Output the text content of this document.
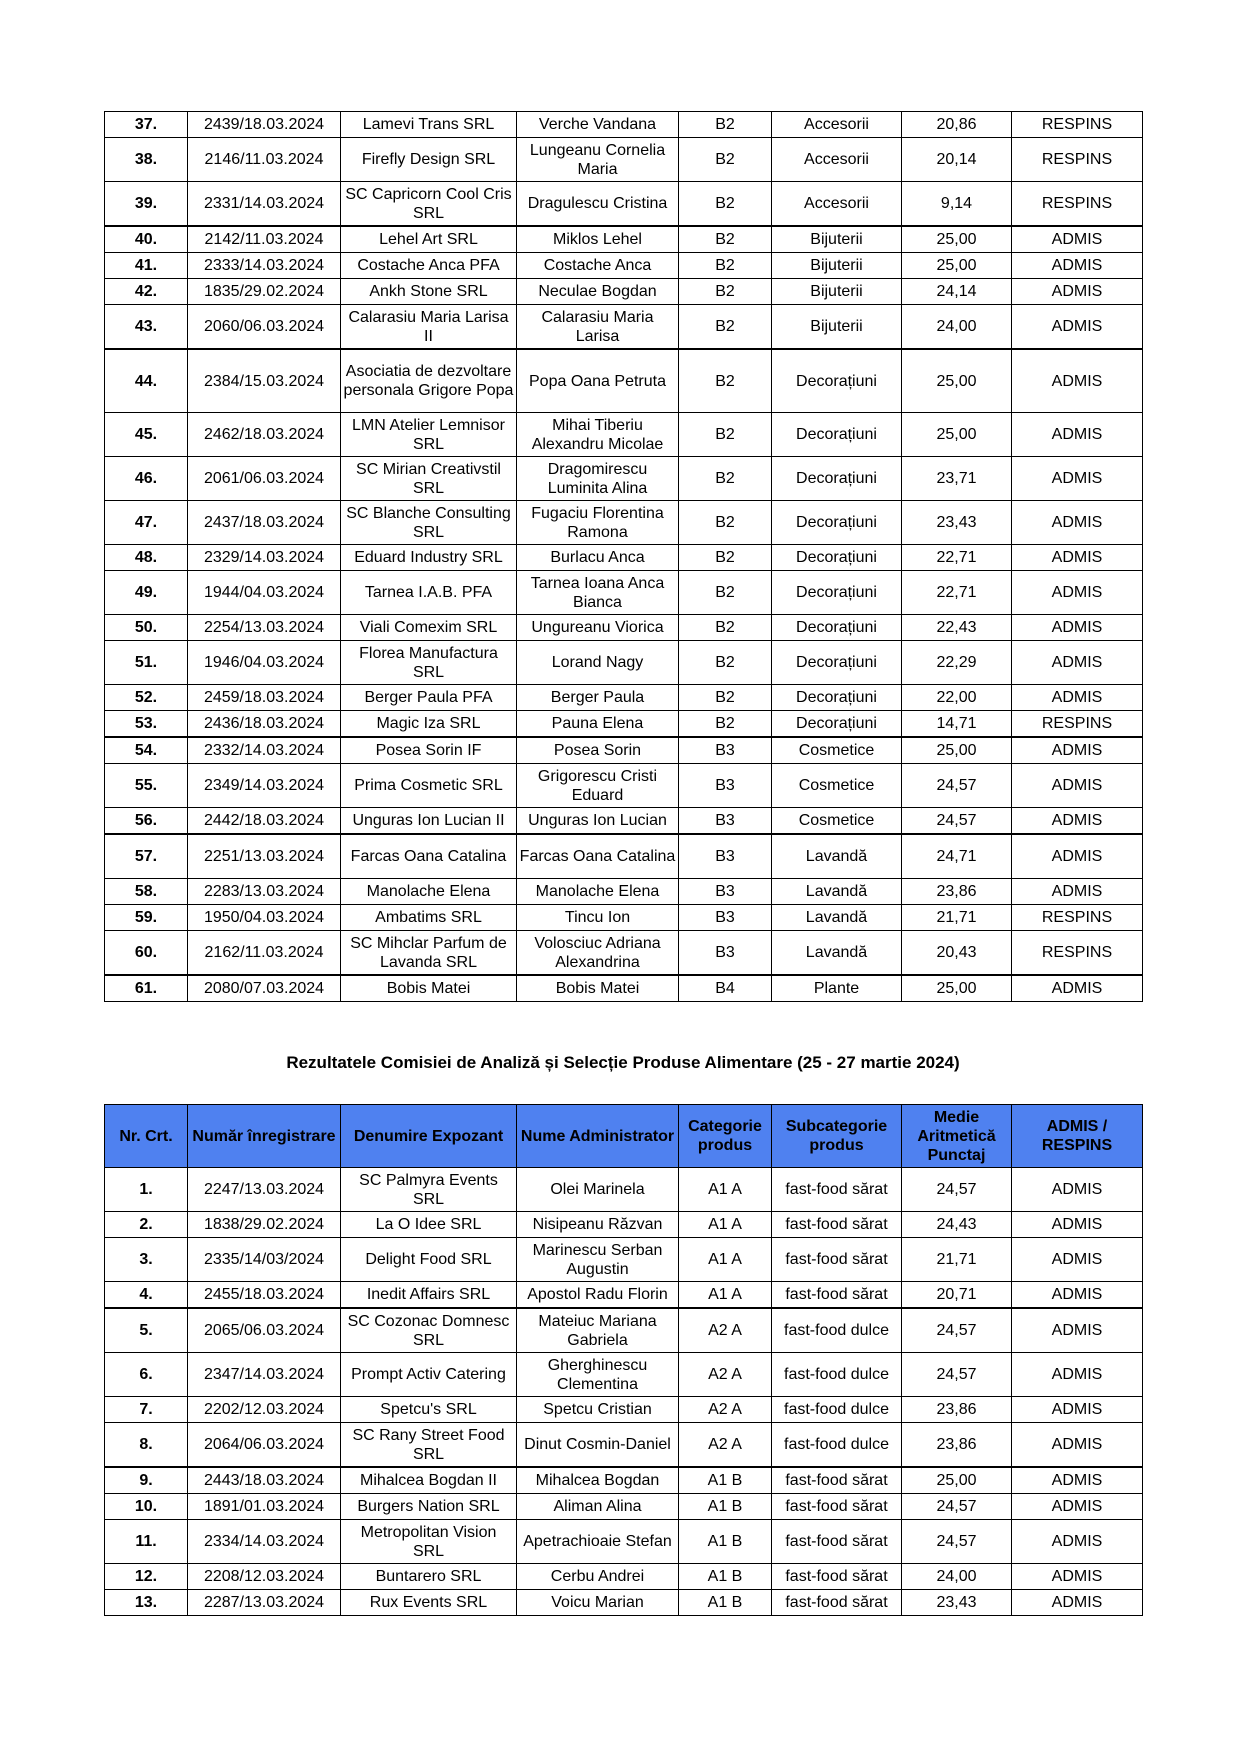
37.	2439/18.03.2024	Lamevi Trans SRL	Verche Vandana	B2	Accesorii	20,86	RESPINS
38.	2146/11.03.2024	Firefly Design SRL	Lungeanu Cornelia Maria	B2	Accesorii	20,14	RESPINS
39.	2331/14.03.2024	SC Capricorn Cool Cris SRL	Dragulescu Cristina	B2	Accesorii	9,14	RESPINS
40.	2142/11.03.2024	Lehel Art SRL	Miklos Lehel	B2	Bijuterii	25,00	ADMIS
41.	2333/14.03.2024	Costache Anca PFA	Costache Anca	B2	Bijuterii	25,00	ADMIS
42.	1835/29.02.2024	Ankh Stone SRL	Neculae Bogdan	B2	Bijuterii	24,14	ADMIS
43.	2060/06.03.2024	Calarasiu Maria Larisa II	Calarasiu Maria Larisa	B2	Bijuterii	24,00	ADMIS
44.	2384/15.03.2024	Asociatia de dezvoltare personala Grigore Popa	Popa Oana Petruta	B2	Decorațiuni	25,00	ADMIS
45.	2462/18.03.2024	LMN Atelier Lemnisor SRL	Mihai Tiberiu Alexandru Micolae	B2	Decorațiuni	25,00	ADMIS
46.	2061/06.03.2024	SC Mirian Creativstil SRL	Dragomirescu Luminita Alina	B2	Decorațiuni	23,71	ADMIS
47.	2437/18.03.2024	SC Blanche Consulting SRL	Fugaciu Florentina Ramona	B2	Decorațiuni	23,43	ADMIS
48.	2329/14.03.2024	Eduard Industry SRL	Burlacu Anca	B2	Decorațiuni	22,71	ADMIS
49.	1944/04.03.2024	Tarnea I.A.B. PFA	Tarnea Ioana Anca Bianca	B2	Decorațiuni	22,71	ADMIS
50.	2254/13.03.2024	Viali Comexim SRL	Ungureanu Viorica	B2	Decorațiuni	22,43	ADMIS
51.	1946/04.03.2024	Florea Manufactura SRL	Lorand Nagy	B2	Decorațiuni	22,29	ADMIS
52.	2459/18.03.2024	Berger Paula PFA	Berger Paula	B2	Decorațiuni	22,00	ADMIS
53.	2436/18.03.2024	Magic Iza SRL	Pauna Elena	B2	Decorațiuni	14,71	RESPINS
54.	2332/14.03.2024	Posea Sorin IF	Posea Sorin	B3	Cosmetice	25,00	ADMIS
55.	2349/14.03.2024	Prima Cosmetic SRL	Grigorescu Cristi Eduard	B3	Cosmetice	24,57	ADMIS
56.	2442/18.03.2024	Unguras Ion Lucian II	Unguras Ion Lucian	B3	Cosmetice	24,57	ADMIS
57.	2251/13.03.2024	Farcas Oana Catalina	Farcas Oana Catalina	B3	Lavandă	24,71	ADMIS
58.	2283/13.03.2024	Manolache Elena	Manolache Elena	B3	Lavandă	23,86	ADMIS
59.	1950/04.03.2024	Ambatims SRL	Tincu Ion	B3	Lavandă	21,71	RESPINS
60.	2162/11.03.2024	SC Mihclar Parfum de Lavanda SRL	Volosciuc Adriana Alexandrina	B3	Lavandă	20,43	RESPINS
61.	2080/07.03.2024	Bobis Matei	Bobis Matei	B4	Plante	25,00	ADMIS
Rezultatele Comisiei de Analiză și Selecție Produse Alimentare (25 - 27 martie 2024)
Nr. Crt.	Număr înregistrare	Denumire Expozant	Nume Administrator	Categorie produs	Subcategorie produs	Medie Aritmetică Punctaj	ADMIS / RESPINS
1.	2247/13.03.2024	SC Palmyra Events SRL	Olei Marinela	A1 A	fast-food sărat	24,57	ADMIS
2.	1838/29.02.2024	La O Idee SRL	Nisipeanu Răzvan	A1 A	fast-food sărat	24,43	ADMIS
3.	2335/14/03/2024	Delight Food SRL	Marinescu Serban Augustin	A1 A	fast-food sărat	21,71	ADMIS
4.	2455/18.03.2024	Inedit Affairs SRL	Apostol Radu Florin	A1 A	fast-food sărat	20,71	ADMIS
5.	2065/06.03.2024	SC Cozonac Domnesc SRL	Mateiuc Mariana Gabriela	A2 A	fast-food dulce	24,57	ADMIS
6.	2347/14.03.2024	Prompt Activ Catering	Gherghinescu Clementina	A2 A	fast-food dulce	24,57	ADMIS
7.	2202/12.03.2024	Spetcu's SRL	Spetcu Cristian	A2 A	fast-food dulce	23,86	ADMIS
8.	2064/06.03.2024	SC Rany Street Food SRL	Dinut Cosmin-Daniel	A2 A	fast-food dulce	23,86	ADMIS
9.	2443/18.03.2024	Mihalcea Bogdan II	Mihalcea Bogdan	A1 B	fast-food sărat	25,00	ADMIS
10.	1891/01.03.2024	Burgers Nation SRL	Aliman Alina	A1 B	fast-food sărat	24,57	ADMIS
11.	2334/14.03.2024	Metropolitan Vision SRL	Apetrachioaie Stefan	A1 B	fast-food sărat	24,57	ADMIS
12.	2208/12.03.2024	Buntarero SRL	Cerbu Andrei	A1 B	fast-food sărat	24,00	ADMIS
13.	2287/13.03.2024	Rux Events SRL	Voicu Marian	A1 B	fast-food sărat	23,43	ADMIS
